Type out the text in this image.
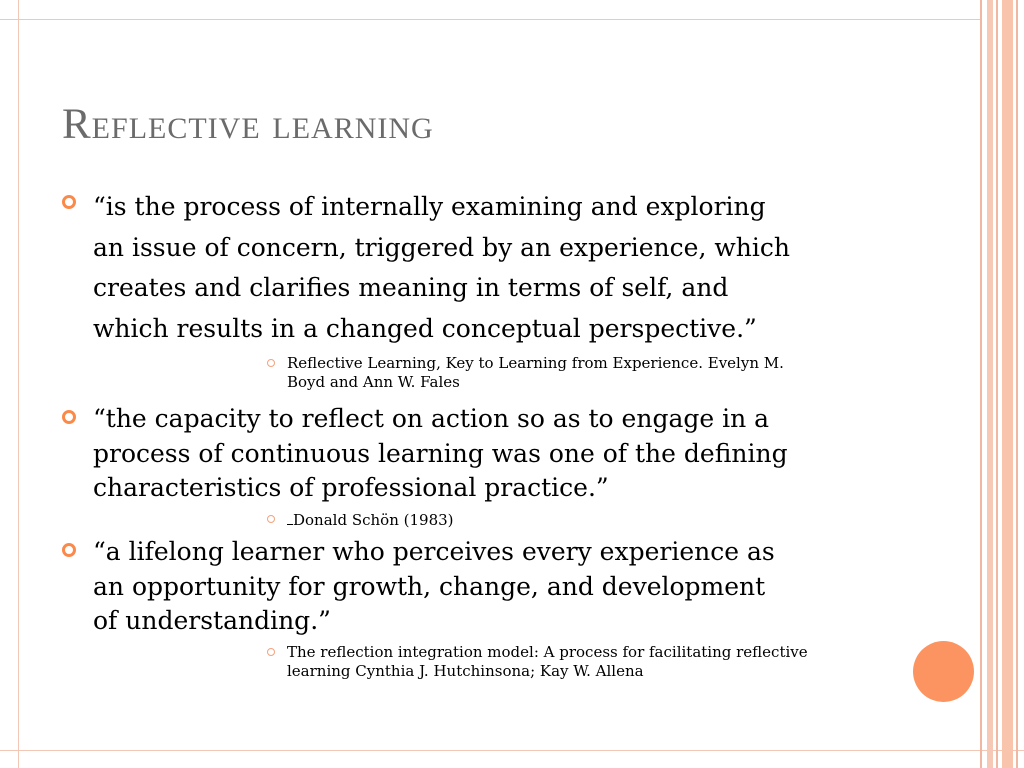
Reflective learning
“is the process of internally examining and exploring
an issue of concern, triggered by an experience, which
creates and clarifies meaning in terms of self, and
which results in a changed conceptual perspective.”
Reflective Learning, Key to Learning from Experience. Evelyn M.
Boyd and Ann W. Fales
“the capacity to reflect on action so as to engage in a
process of continuous learning was one of the defining
characteristics of professional practice.”
Donald Schön (1983)
“a lifelong learner who perceives every experience as
an opportunity for growth, change, and development
of understanding.”
The reflection integration model: A process for facilitating reflective
learning Cynthia J. Hutchinsona; Kay W. Allena
